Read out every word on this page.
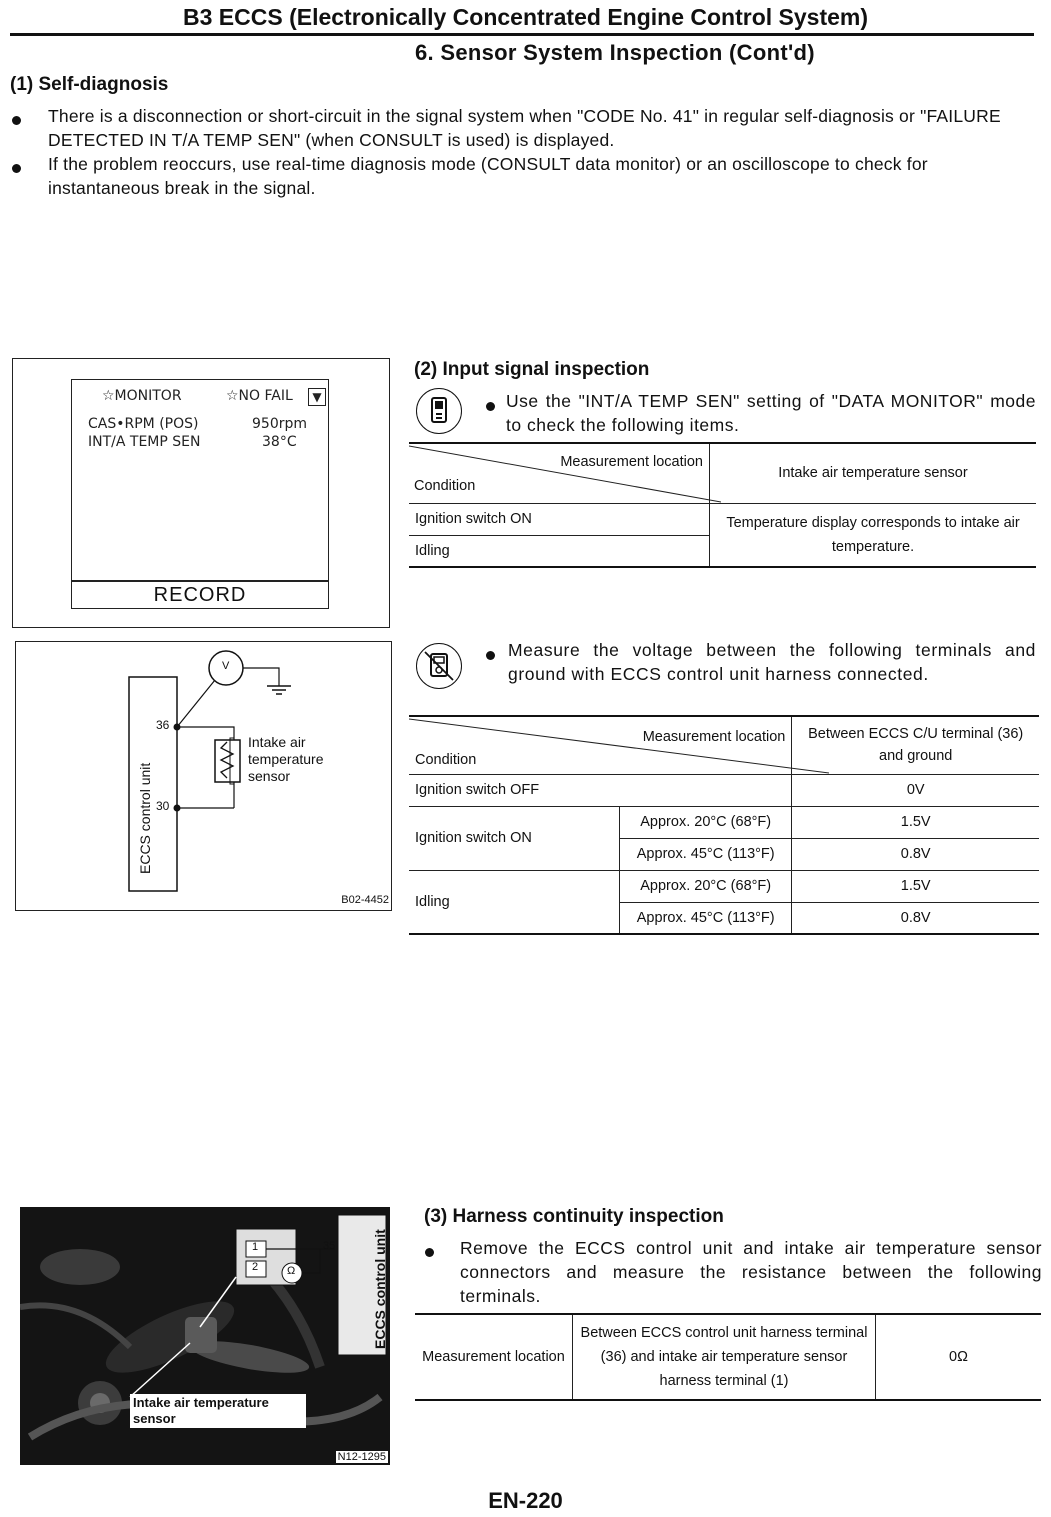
B3 ECCS (Electronically Concentrated Engine Control System)
6. Sensor System Inspection (Cont'd)
(1) Self-diagnosis
There is a disconnection or short-circuit in the signal system when "CODE No. 41" in regular self-diagnosis or "FAILURE DETECTED IN T/A TEMP SEN" (when CONSULT is used) is displayed.
If the problem reoccurs, use real-time diagnosis mode (CONSULT data monitor) or an oscilloscope to check for instantaneous break in the signal.
☆MONITOR	☆NO FAIL	▼
CAS•RPM (POS)	950rpm
INT/A TEMP SEN	38°C
RECORD
(2) Input signal inspection
Use the "INT/A TEMP SEN" setting of "DATA MONITOR" mode to check the following items.
Measurement location
Condition	Intake air temperature sensor
Ignition switch ON	Temperature display corresponds to intake air temperature.
Idling	
ECCS control unit
36
30
V
Intake air temperature sensor
B02-4452
Measure the voltage between the following terminals and ground with ECCS control unit harness connected.
Measurement location
Condition		Between ECCS C/U terminal (36) and ground
Ignition switch OFF		0V
Ignition switch ON	Approx. 20°C (68°F)	1.5V
	Approx. 45°C (113°F)	0.8V
Idling	Approx. 20°C (68°F)	1.5V
	Approx. 45°C (113°F)	0.8V
ECCS control unit
35
1
2	Ω
Intake air temperature sensor
N12-1295
(3) Harness continuity inspection
Remove the ECCS control unit and intake air temperature sensor connectors and measure the resistance between the following terminals.
Measurement location	Between ECCS control unit harness terminal (36) and intake air temperature sensor harness terminal (1)	0Ω
EN-220
